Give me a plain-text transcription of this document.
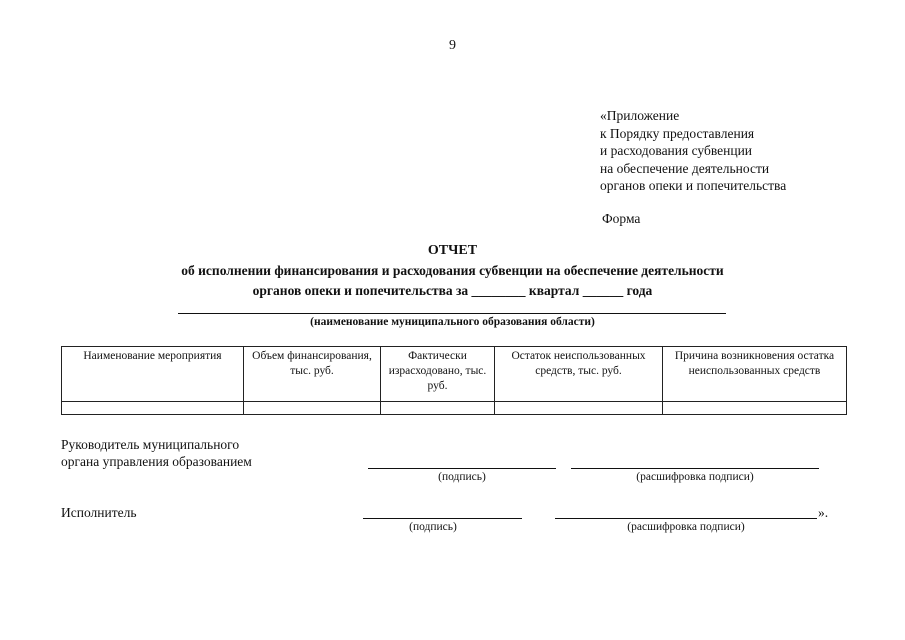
9
«Приложение
к Порядку предоставления
и расходования субвенции
на обеспечение деятельности
органов опеки и попечительства
Форма
ОТЧЕТ
об исполнении финансирования и расходования субвенции на обеспечение деятельности
органов опеки и попечительства за ________ квартал ______ года
(наименование муниципального образования области)
Наименование мероприятия	Объем финансирования, тыс. руб.	Фактически израсходовано, тыс. руб.	Остаток неиспользованных средств, тыс. руб.	Причина возникновения остатка неиспользованных средств

Руководитель муниципального
органа управления образованием
(подпись)	(расшифровка подписи)
Исполнитель
(подпись)	(расшифровка подписи)
».
